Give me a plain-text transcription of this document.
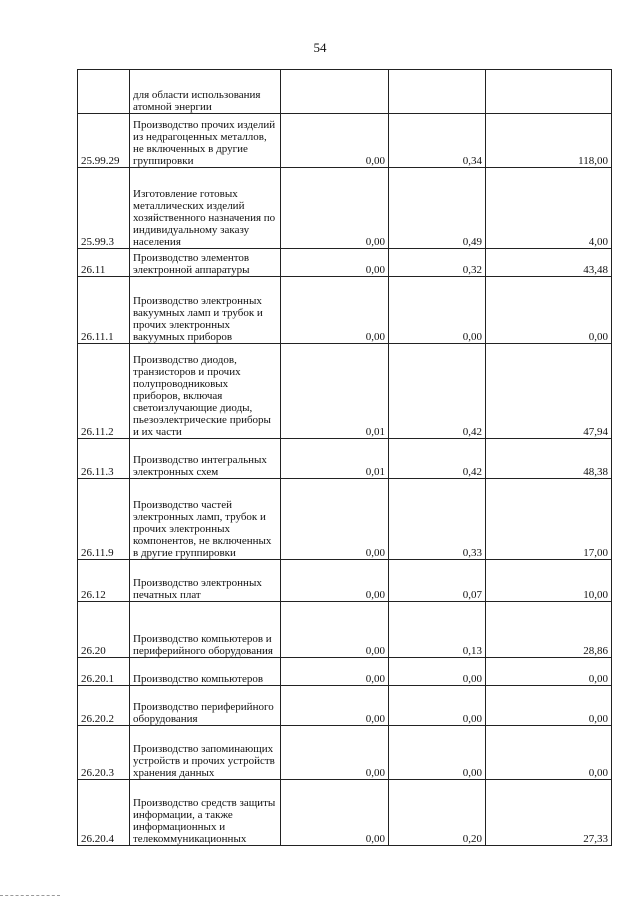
54
	для области использования атомной энергии			
25.99.29	Производство прочих изделий из недрагоценных металлов, не включенных в другие группировки	0,00	0,34	118,00
25.99.3	Изготовление готовых металлических изделий хозяйственного назначения по индивидуальному заказу населения	0,00	0,49	4,00
26.11	Производство элементов электронной аппаратуры	0,00	0,32	43,48
26.11.1	Производство электронных вакуумных ламп и трубок и прочих электронных вакуумных приборов	0,00	0,00	0,00
26.11.2	Производство диодов, транзисторов и прочих полупроводниковых приборов, включая светоизлучающие диоды, пьезоэлектрические приборы и их части	0,01	0,42	47,94
26.11.3	Производство интегральных электронных схем	0,01	0,42	48,38
26.11.9	Производство частей электронных ламп, трубок и прочих электронных компонентов, не включенных в другие группировки	0,00	0,33	17,00
26.12	Производство электронных печатных плат	0,00	0,07	10,00
26.20	Производство компьютеров и периферийного оборудования	0,00	0,13	28,86
26.20.1	Производство компьютеров	0,00	0,00	0,00
26.20.2	Производство периферийного оборудования	0,00	0,00	0,00
26.20.3	Производство запоминающих устройств и прочих устройств хранения данных	0,00	0,00	0,00
26.20.4	Производство средств защиты информации, а также информационных и телекоммуникационных	0,00	0,20	27,33
